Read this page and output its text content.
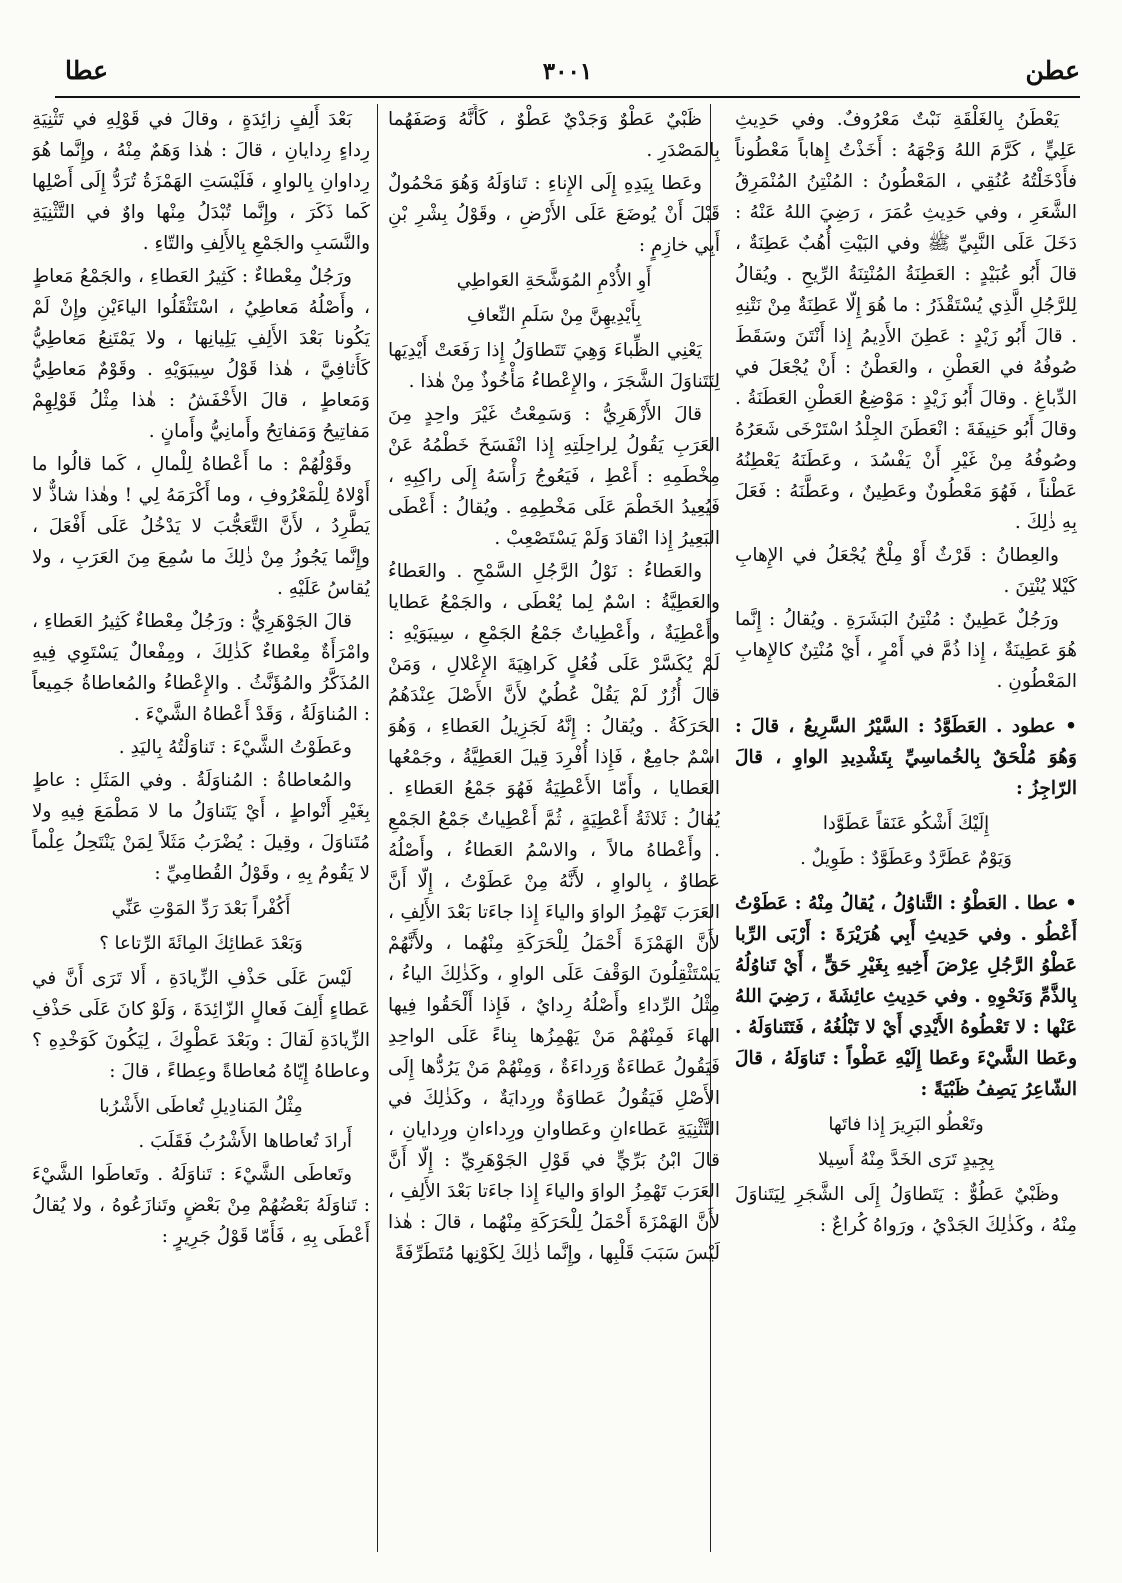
عطن
٣٠٠١
عطا

يَعْطَنُ بِالغَلْقَةِ نَبْتٌ مَعْرُوفٌ. وفي حَدِيثِ عَلِيٍّ ، كَرَّمَ اللهُ وَجْهَهُ : أَخَذْتُ إِهاباً مَعْطُوناً فأَدْخَلْتُهُ عُنُقِي ، المَعْطُونُ : المُنْتِنُ المُنْمَرِقُ الشَّعَرِ ، وفي حَدِيثِ عُمَرَ ، رَضِيَ اللهُ عَنْهُ : دَخَلَ عَلَى النَّبِيِّ ﷺ وفي البَيْتِ أُهُبٌ عَطِنَةٌ ، قالَ أَبُو عُبَيْدٍ : العَطِنَةُ المُنْتِنَةُ الرِّيحِ . ويُقالُ لِلرَّجُلِ الَّذِي يُسْتَقْذَرُ : ما هُوَ إِلّا عَطِنَةٌ مِنْ نَتْنِهِ . قالَ أَبُو زَيْدٍ : عَطِنَ الأَدِيمُ إِذا أَنْتَنَ وسَقَطَ صُوفُهُ في العَطْنِ ، والعَطْنُ : أَنْ يُجْعَلَ في الدِّباغِ . وقالَ أَبُو زَيْدٍ : مَوْضِعُ العَطْنِ العَطَنَةُ . وقالَ أَبُو حَنِيفَةَ : انْعَطَنَ الجِلْدُ اسْتَرْخَى شَعَرُهُ وصُوفُهُ مِنْ غَيْرِ أَنْ يَفْسُدَ ، وعَطَنَهُ يَعْطِنُهُ عَطْناً ، فَهُوَ مَعْطُونٌ وعَطِينٌ ، وعَطَّنَهُ : فَعَلَ بِهِ ذٰلِكَ .

والعِطانُ : قَرْثٌ أَوْ مِلْحٌ يُجْعَلُ في الإِهابِ كَيْلا يُنْتِنَ .

ورَجُلٌ عَطِينٌ : مُنْتِنُ البَشَرَةِ . ويُقالُ : إِنَّما هُوَ عَطِينَةٌ ، إِذا ذُمَّ في أَمْرٍ ، أَيْ مُنْتِنٌ كالإِهابِ المَعْطُونِ .

• عطود . العَطَوَّدُ : السَّيْرُ السَّرِيعُ ، قالَ : وَهُوَ مُلْحَقٌ بِالخُماسِيِّ بِتَشْدِيدِ الواوِ ، قالَ الرّاجِزُ :

إِلَيْكَ أَشْكُو عَنَقاً عَطَوَّدا

وَيَوْمٌ عَطَرَّدٌ وعَطَوَّدٌ : طَوِيلٌ .

• عطا . العَطْوُ : التَّناوُلُ ، يُقالُ مِنْهُ : عَطَوْتُ أَعْطُو . وفي حَدِيثِ أَبِي هُرَيْرَةَ : أَرْبَى الرِّبا عَطْوُ الرَّجُلِ عِرْضَ أَخِيهِ بِغَيْرِ حَقٍّ ، أَيْ تَناوُلُهُ بِالذَّمِّ وَنَحْوِهِ . وفي حَدِيثِ عائِشَةَ ، رَضِيَ اللهُ عَنْها : لا تَعْطُوهُ الأَيْدِي أَيْ لا تَبْلُغُهُ ، فَتَتَناوَلَهُ . وعَطا الشَّيْءَ وعَطا إِلَيْهِ عَطْواً : تَناوَلَهُ ، قالَ الشّاعِرُ يَصِفُ ظَبْيَةً :

وتَعْطُو البَرِيرَ إِذا فاتَها

بِجِيدٍ تَرَى الخَدَّ مِنْهُ أَسِيلا

وظَبْيٌ عَطُوٌّ : يَتَطاوَلُ إِلَى الشَّجَرِ لِيَتَناوَلَ مِنْهُ ، وكَذٰلِكَ الجَدْيُ ، ورَواهُ كُراعٌ :

ظَبْيٌ عَطْوٌ وَجَدْيٌ عَطْوٌ ، كَأَنَّهُ وَصَفَهُما بِالمَصْدَرِ .

وعَطا بِيَدِهِ إِلَى الإِناءِ : تَناوَلَهُ وَهُوَ مَحْمُولٌ قَبْلَ أَنْ يُوضَعَ عَلَى الأَرْضِ ، وقَوْلُ بِشْرِ بْنِ أَبِي خازِمٍ :

أَوِ الأُدْمِ المُوَشَّحَةِ العَواطِي

بِأَيْدِيهِنَّ مِنْ سَلَمِ النِّعافِ

يَعْنِي الظِّباءَ وَهِيَ تَتَطاوَلُ إِذا رَفَعَتْ أَيْدِيَها لِتَتَناوَلَ الشَّجَرَ ، والإِعْطاءُ مَأْخُوذٌ مِنْ هٰذا .

قالَ الأَزْهَرِيُّ : وَسَمِعْتُ غَيْرَ واحِدٍ مِنَ العَرَبِ يَقُولُ لِراحِلَتِهِ إِذا انْفَسَخَ خَطْمُهُ عَنْ مِخْطَمِهِ : أَعْطِ ، فَيَعُوجُ رَأْسَهُ إِلَى راكِبِهِ ، فَيُعِيدُ الخَطْمَ عَلَى مَخْطِمِهِ . ويُقالُ : أَعْطَى البَعِيرُ إِذا انْقادَ وَلَمْ يَسْتَصْعِبْ .

والعَطاءُ : نَوْلُ الرَّجُلِ السَّمْحِ . والعَطاءُ والعَطِيَّةُ : اسْمٌ لِما يُعْطَى ، والجَمْعُ عَطايا وأَعْطِيَةٌ ، وأَعْطِياتٌ جَمْعُ الجَمْعِ ، سِيبَوَيْهِ : لَمْ يُكَسَّرْ عَلَى فُعُلٍ كَراهِيَةَ الإِعْلالِ ، وَمَنْ قالَ أُزُرٌ لَمْ يَقُلْ عُطُيٌ لأَنَّ الأَصْلَ عِنْدَهُمُ الحَرَكَةُ . ويُقالُ : إِنَّهُ لَجَزِيلُ العَطاءِ ، وَهُوَ اسْمٌ جامِعٌ ، فَإِذا أُفْرِدَ قِيلَ العَطِيَّةُ ، وجَمْعُها العَطايا ، وأَمّا الأَعْطِيَةُ فَهُوَ جَمْعُ العَطاءِ . يُقالُ : ثَلاثَةُ أَعْطِيَةٍ ، ثُمَّ أَعْطِياتٌ جَمْعُ الجَمْعِ . وأَعْطاهُ مالاً ، والاسْمُ العَطاءُ ، وأَصْلُهُ عَطاوٌ ، بِالواوِ ، لأَنَّهُ مِنْ عَطَوْتُ ، إِلّا أَنَّ العَرَبَ تَهْمِزُ الواوَ والياءَ إِذا جاءَتا بَعْدَ الأَلِفِ ، لأَنَّ الهَمْزَةَ أَحْمَلُ لِلْحَرَكَةِ مِنْهُما ، ولأَنَّهُمْ يَسْتَثْقِلُونَ الوَقْفَ عَلَى الواوِ ، وكَذٰلِكَ الياءُ ، مِثْلُ الرِّداءِ وأَصْلُهُ رِدايٌ ، فَإِذا أَلْحَقُوا فِيها الهاءَ فَمِنْهُمْ مَنْ يَهْمِزُها بِناءً عَلَى الواحِدِ فَيَقُولُ عَطاءَةٌ وَرِداءَةٌ ، وَمِنْهُمْ مَنْ يَرُدُّها إِلَى الأَصْلِ فَيَقُولُ عَطاوَةٌ ورِدايَةٌ ، وكَذٰلِكَ في التَّثْنِيَةِ عَطاءانِ وعَطاوانِ ورِداءانِ ورِدايانِ ، قالَ ابْنُ بَرِّيٍّ في قَوْلِ الجَوْهَرِيِّ : إِلّا أَنَّ العَرَبَ تَهْمِزُ الواوَ والياءَ إِذا جاءَتا بَعْدَ الأَلِفِ ، لأَنَّ الهَمْزَةَ أَحْمَلُ لِلْحَرَكَةِ مِنْهُما ، قالَ : هٰذا لَيْسَ سَبَبَ قَلْبِها ، وإِنَّما ذٰلِكَ لِكَوْنِها مُتَطَرِّفَةً

بَعْدَ أَلِفٍ زائِدَةٍ ، وقالَ في قَوْلِهِ في تَثْنِيَةِ رِداءٍ رِدايانِ ، قالَ : هٰذا وَهَمٌ مِنْهُ ، وإِنَّما هُوَ رِداوانِ بِالواوِ ، فَلَيْسَتِ الهَمْزَةُ تُرَدُّ إِلَى أَصْلِها كَما ذَكَرَ ، وإِنَّما تُبْدَلُ مِنْها واوٌ في التَّثْنِيَةِ والنَّسَبِ والجَمْعِ بِالأَلِفِ والتّاءِ .

ورَجُلٌ مِعْطاءٌ : كَثِيرُ العَطاءِ ، والجَمْعُ مَعاطٍ ، وأَصْلُهُ مَعاطِيُ ، اسْتَثْقَلُوا الياءَيْنِ وإِنْ لَمْ يَكُونا بَعْدَ الأَلِفِ يَلِيانِها ، ولا يَمْتَنِعُ مَعاطِيُّ كَأَثافِيَّ ، هٰذا قَوْلُ سِيبَوَيْهِ . وقَوْمٌ مَعاطِيُّ وَمَعاطٍ ، قالَ الأَخْفَشُ : هٰذا مِثْلُ قَوْلِهِمْ مَفاتِيحُ وَمَفاتِحُ وأَمانِيُّ وأَمانٍ .

وقَوْلُهُمْ : ما أَعْطاهُ لِلْمالِ ، كَما قالُوا ما أَوْلاهُ لِلْمَعْرُوفِ ، وما أَكْرَمَهُ لِي ! وهٰذا شاذٌّ لا يَطَّرِدُ ، لأَنَّ التَّعَجُّبَ لا يَدْخُلُ عَلَى أَفْعَلَ ، وإِنَّما يَجُوزُ مِنْ ذٰلِكَ ما سُمِعَ مِنَ العَرَبِ ، ولا يُقاسُ عَلَيْهِ .

قالَ الجَوْهَرِيُّ : ورَجُلٌ مِعْطاءٌ كَثِيرُ العَطاءِ ، وامْرَأَةٌ مِعْطاءٌ كَذٰلِكَ ، ومِفْعالٌ يَسْتَوِي فِيهِ المُذَكَّرُ والمُؤَنَّثُ . والإِعْطاءُ والمُعاطاةُ جَمِيعاً : المُناوَلَةُ ، وَقَدْ أَعْطاهُ الشَّيْءَ .

وعَطَوْتُ الشَّيْءَ : تَناوَلْتُهُ بِاليَدِ .

والمُعاطاةُ : المُناوَلَةُ . وفي المَثَلِ : عاطٍ بِغَيْرِ أَنْواطٍ ، أَيْ يَتَناوَلُ ما لا مَطْمَعَ فِيهِ ولا مُتَناوَلَ ، وقِيلَ : يُضْرَبُ مَثَلاً لِمَنْ يَنْتَحِلُ عِلْماً لا يَقُومُ بِهِ ، وقَوْلُ القُطامِيِّ :

أَكُفْراً بَعْدَ رَدِّ المَوْتِ عَنِّي

وَبَعْدَ عَطائِكَ المِائَةَ الرِّتاعا ؟

لَيْسَ عَلَى حَذْفِ الزِّيادَةِ ، أَلا تَرَى أَنَّ في عَطاءٍ أَلِفَ فَعالٍ الزّائِدَةَ ، وَلَوْ كانَ عَلَى حَذْفِ الزِّيادَةِ لَقالَ : وبَعْدَ عَطْوِكَ ، لِيَكُونَ كَوَخْدِهِ ؟ وعاطاهُ إِيّاهُ مُعاطاةً وعِطاءً ، قالَ :

مِثْلُ المَنادِيلِ تُعاطَى الأَشْرُبا

أَرادَ تُعاطاها الأَشْرُبُ فَقَلَبَ .

وتَعاطَى الشَّيْءَ : تَناوَلَهُ . وتَعاطَوا الشَّيْءَ : تَناوَلَهُ بَعْضُهُمْ مِنْ بَعْضٍ وتَنازَعُوهُ ، ولا يُقالُ أَعْطَى بِهِ ، فَأَمّا قَوْلُ جَرِيرٍ :
